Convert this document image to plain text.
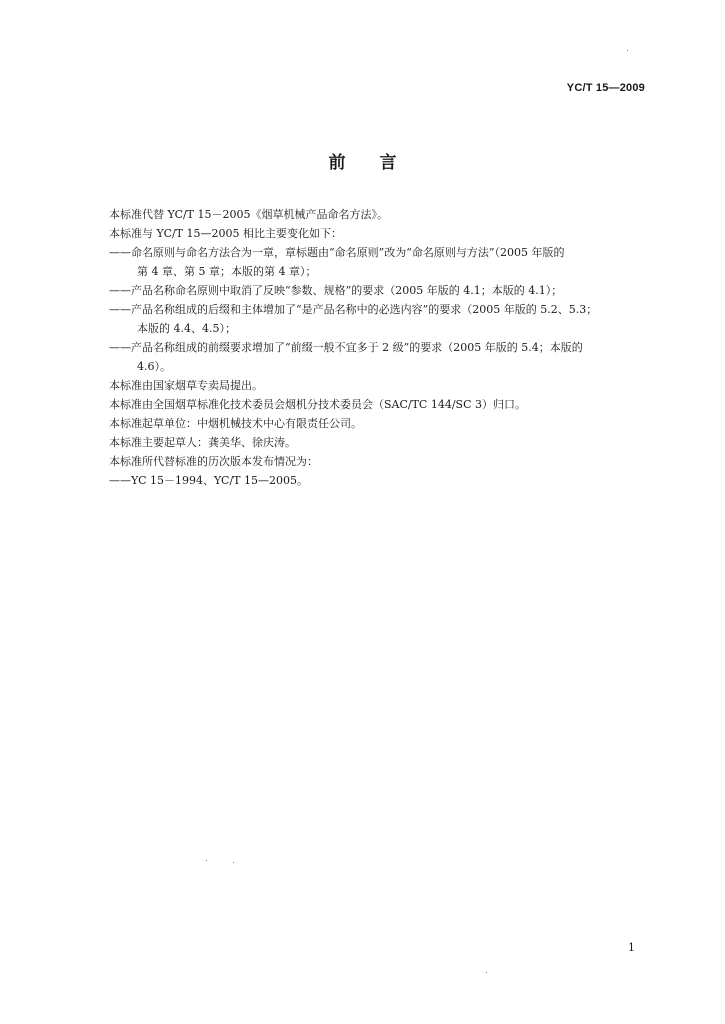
YC/T 15—2009
前言
本标准代替 YC/T 15－2005《烟草机械产品命名方法》。
本标准与 YC/T 15—2005 相比主要变化如下：
——命名原则与命名方法合为一章，章标题由“命名原则”改为“命名原则与方法”（2005 年版的
第 4 章、第 5 章；本版的第 4 章）；
——产品名称命名原则中取消了反映“参数、规格”的要求（2005 年版的 4.1；本版的 4.1）；
——产品名称组成的后缀和主体增加了“是产品名称中的必选内容”的要求（2005 年版的 5.2、5.3；
本版的 4.4、4.5）；
——产品名称组成的前缀要求增加了“前缀一般不宜多于 2 级”的要求（2005 年版的 5.4；本版的
4.6）。
本标准由国家烟草专卖局提出。
本标准由全国烟草标准化技术委员会烟机分技术委员会（SAC/TC 144/SC 3）归口。
本标准起草单位：中烟机械技术中心有限责任公司。
本标准主要起草人：龚美华、徐庆涛。
本标准所代替标准的历次版本发布情况为：
——YC 15－1994、YC/T 15—2005。
1
